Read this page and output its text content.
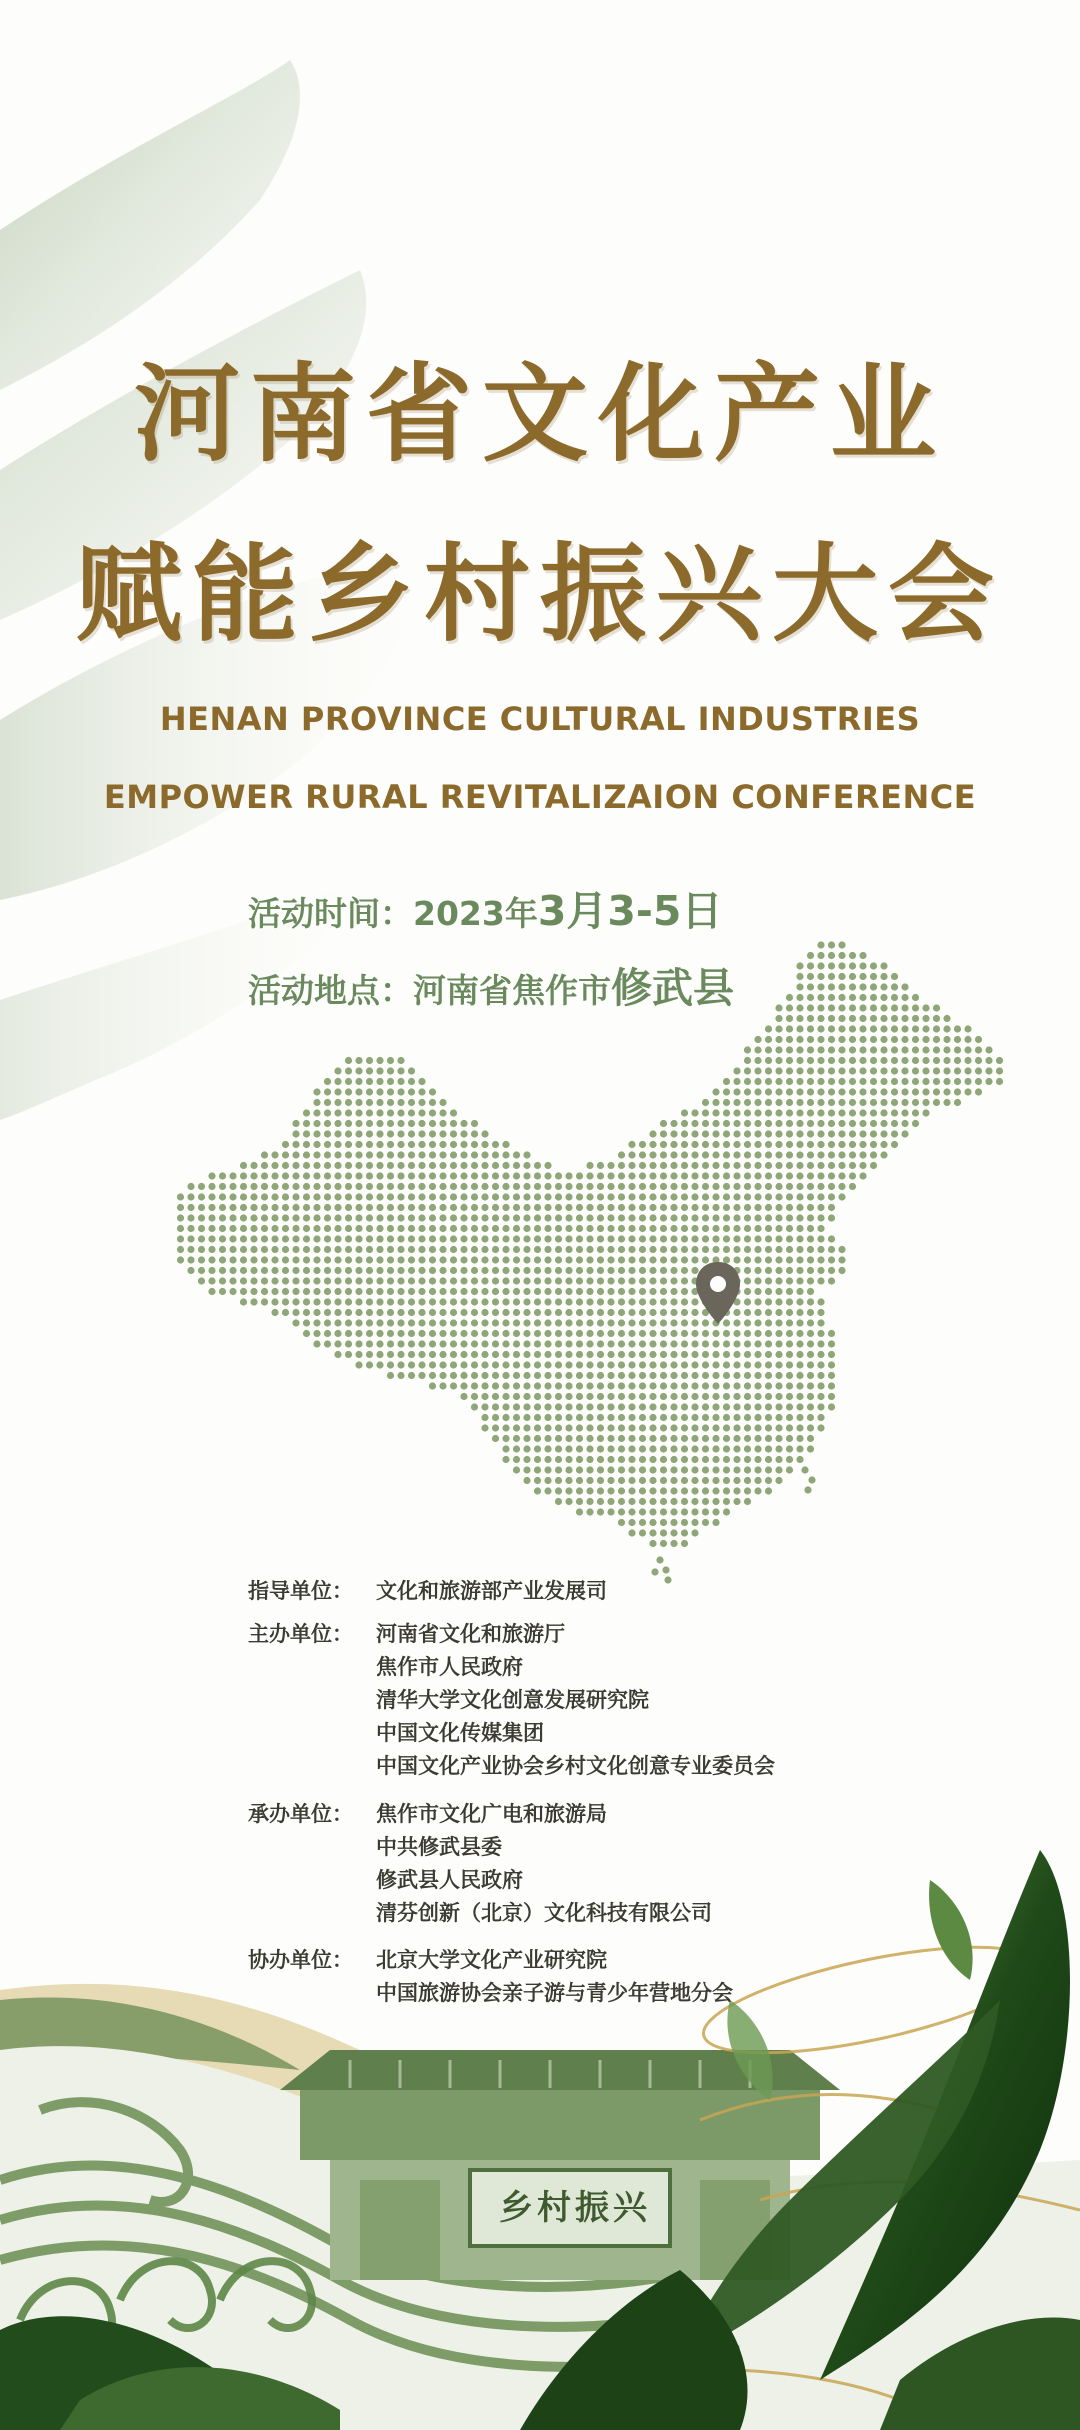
河南省文化产业
赋能乡村振兴大会
HENAN PROVINCE CULTURAL INDUSTRIES
EMPOWER RURAL REVITALIZAION CONFERENCE
活动时间：2023年3月3-5日
活动地点：河南省焦作市修武县
指导单位：	文化和旅游部产业发展司
主办单位：	河南省文化和旅游厅
焦作市人民政府
清华大学文化创意发展研究院
中国文化传媒集团
中国文化产业协会乡村文化创意专业委员会
承办单位：	焦作市文化广电和旅游局
中共修武县委
修武县人民政府
清芬创新（北京）文化科技有限公司
协办单位：	北京大学文化产业研究院
中国旅游协会亲子游与青少年营地分会
乡村振兴
